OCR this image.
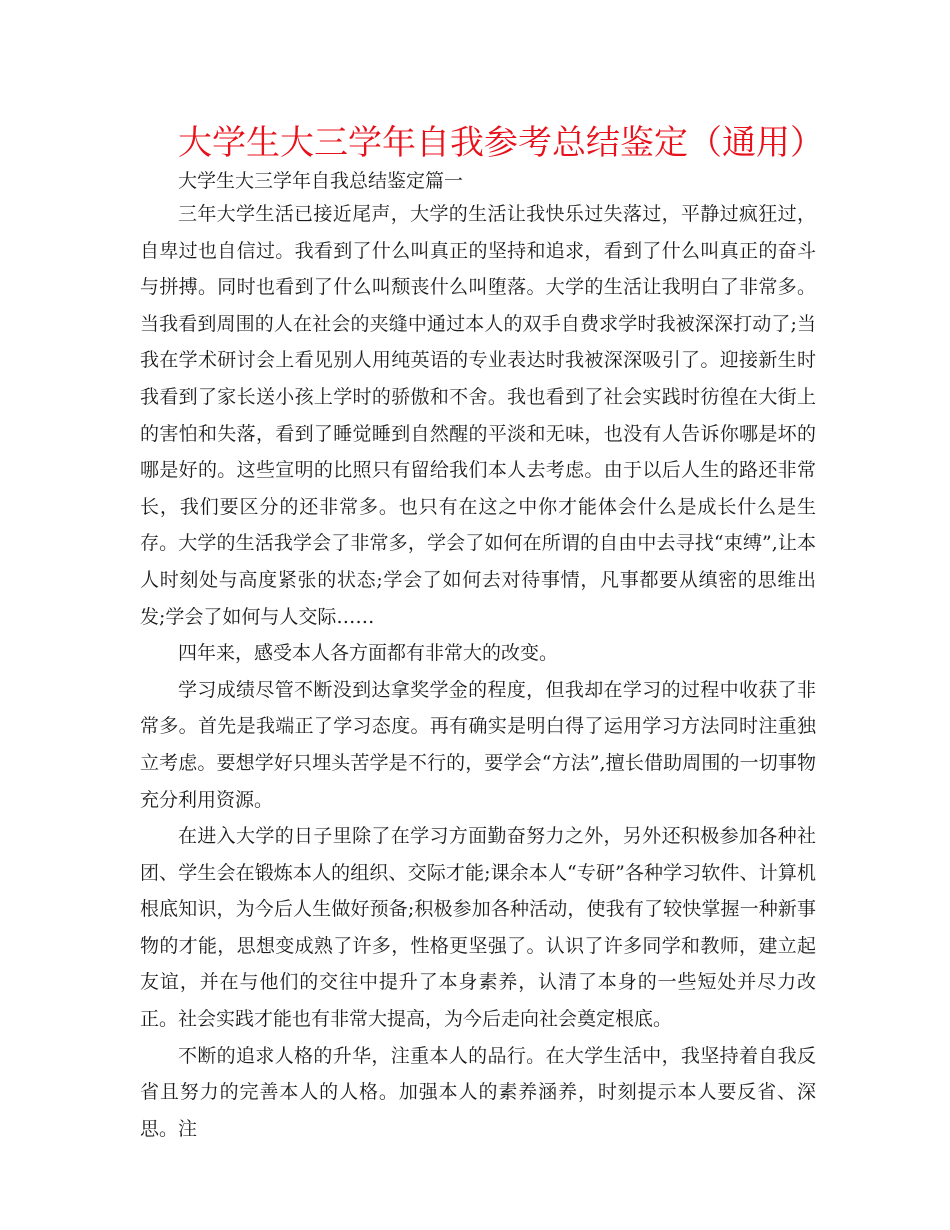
大学生大三学年自我参考总结鉴定（通用）
大学生大三学年自我总结鉴定篇一

三年大学生活已接近尾声，大学的生活让我快乐过失落过，平静过疯狂过，自卑过也自信过。我看到了什么叫真正的坚持和追求，看到了什么叫真正的奋斗与拼搏。同时也看到了什么叫颓丧什么叫堕落。大学的生活让我明白了非常多。当我看到周围的人在社会的夹缝中通过本人的双手自费求学时我被深深打动了;当我在学术研讨会上看见别人用纯英语的专业表达时我被深深吸引了。迎接新生时我看到了家长送小孩上学时的骄傲和不舍。我也看到了社会实践时彷徨在大街上的害怕和失落，看到了睡觉睡到自然醒的平淡和无味，也没有人告诉你哪是坏的哪是好的。这些宣明的比照只有留给我们本人去考虑。由于以后人生的路还非常长，我们要区分的还非常多。也只有在这之中你才能体会什么是成长什么是生存。大学的生活我学会了非常多，学会了如何在所谓的自由中去寻找“束缚”,让本人时刻处与高度紧张的状态;学会了如何去对待事情，凡事都要从缜密的思维出发;学会了如何与人交际……

四年来，感受本人各方面都有非常大的改变。

学习成绩尽管不断没到达拿奖学金的程度，但我却在学习的过程中收获了非常多。首先是我端正了学习态度。再有确实是明白得了运用学习方法同时注重独立考虑。要想学好只埋头苦学是不行的，要学会“方法”,擅长借助周围的一切事物充分利用资源。

在进入大学的日子里除了在学习方面勤奋努力之外，另外还积极参加各种社团、学生会在锻炼本人的组织、交际才能;课余本人“专研”各种学习软件、计算机根底知识，为今后人生做好预备;积极参加各种活动，使我有了较快掌握一种新事物的才能，思想变成熟了许多，性格更坚强了。认识了许多同学和教师，建立起友谊，并在与他们的交往中提升了本身素养，认清了本身的一些短处并尽力改正。社会实践才能也有非常大提高，为今后走向社会奠定根底。

不断的追求人格的升华，注重本人的品行。在大学生活中，我坚持着自我反省且努力的完善本人的人格。加强本人的素养涵养，时刻提示本人要反省、深思。注
